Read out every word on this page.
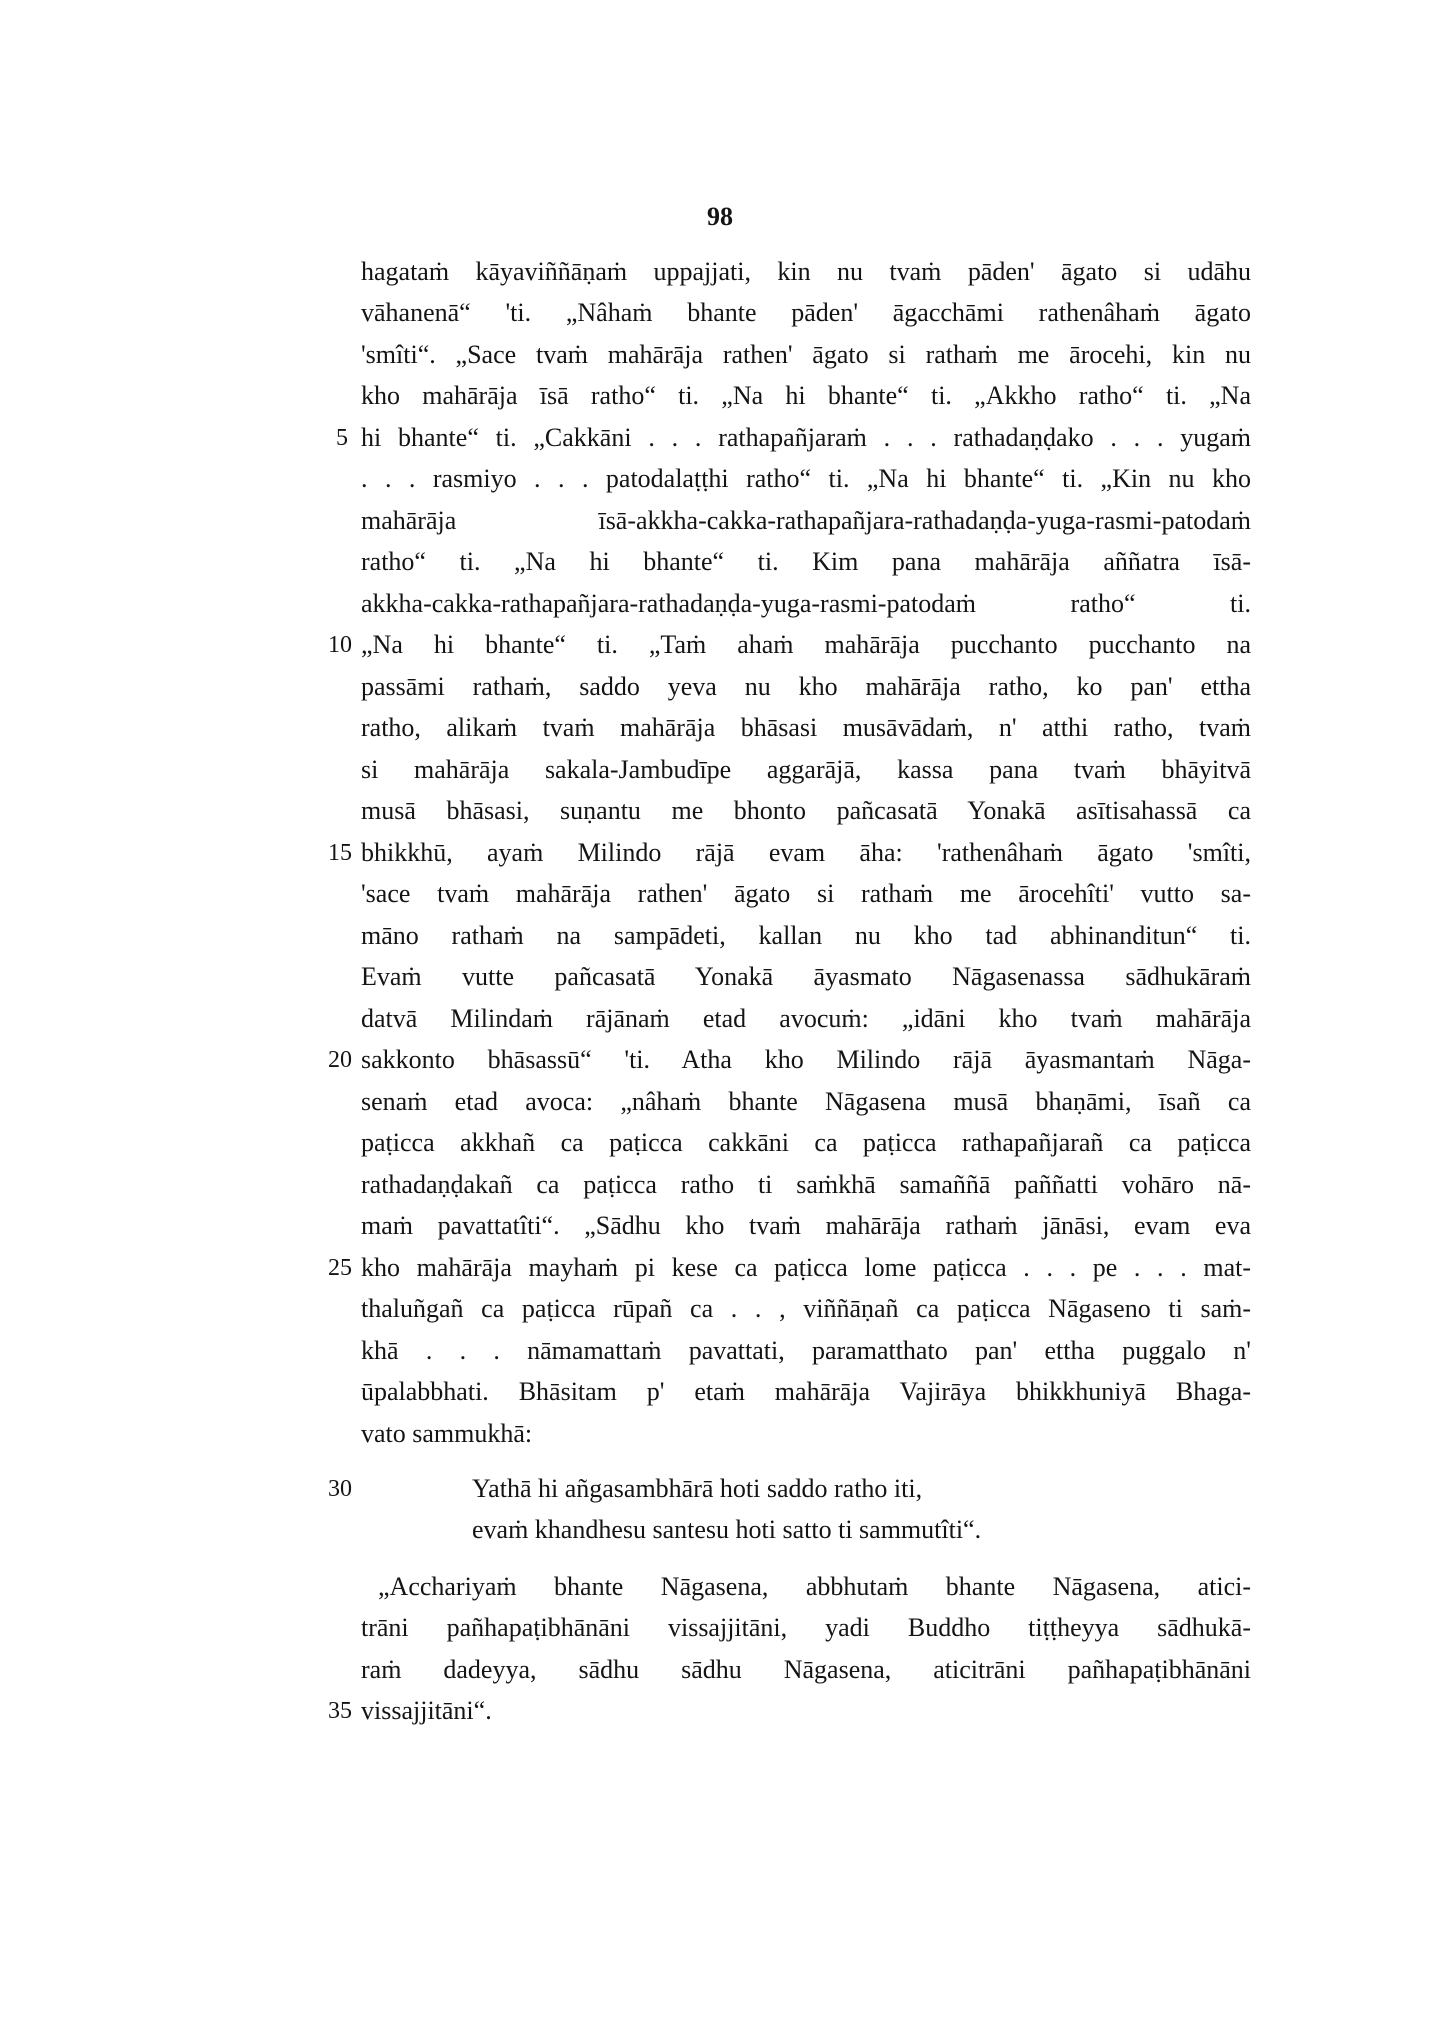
98
hagataṁ kāyaviññāṇaṁ uppajjati, kin nu tvaṁ pāden' āgato si udāhu
vāhanenā“ 'ti. „Nâhaṁ bhante pāden' āgacchāmi rathenâhaṁ āgato
'smîti“. „Sace tvaṁ mahārāja rathen' āgato si rathaṁ me ārocehi, kin nu
kho mahārāja īsā ratho“ ti. „Na hi bhante“ ti. „Akkho ratho“ ti. „Na
hi bhante“ ti. „Cakkāni . . . rathapañjaraṁ . . . rathadaṇḍako . . . yugaṁ
. . . rasmiyo . . . patodalaṭṭhi ratho“ ti. „Na hi bhante“ ti. „Kin nu kho
mahārāja īsā-akkha-cakka-rathapañjara-rathadaṇḍa-yuga-rasmi-patodaṁ
ratho“ ti. „Na hi bhante“ ti. Kim pana mahārāja aññatra īsā-
akkha-cakka-rathapañjara-rathadaṇḍa-yuga-rasmi-patodaṁ ratho“ ti.
„Na hi bhante“ ti. „Taṁ ahaṁ mahārāja pucchanto pucchanto na
passāmi rathaṁ, saddo yeva nu kho mahārāja ratho, ko pan' ettha
ratho, alikaṁ tvaṁ mahārāja bhāsasi musāvādaṁ, n' atthi ratho, tvaṁ
si mahārāja sakala-Jambudīpe aggarājā, kassa pana tvaṁ bhāyitvā
musā bhāsasi, suṇantu me bhonto pañcasatā Yonakā asītisahassā ca
bhikkhū, ayaṁ Milindo rājā evam āha: 'rathenâhaṁ āgato 'smîti,
'sace tvaṁ mahārāja rathen' āgato si rathaṁ me ārocehîti' vutto sa-
māno rathaṁ na sampādeti, kallan nu kho tad abhinanditun“ ti.
Evaṁ vutte pañcasatā Yonakā āyasmato Nāgasenassa sādhukāraṁ
datvā Milindaṁ rājānaṁ etad avocuṁ: „idāni kho tvaṁ mahārāja
sakkonto bhāsassū“ 'ti. Atha kho Milindo rājā āyasmantaṁ Nāga-
senaṁ etad avoca: „nâhaṁ bhante Nāgasena musā bhaṇāmi, īsañ ca
paṭicca akkhañ ca paṭicca cakkāni ca paṭicca rathapañjarañ ca paṭicca
rathadaṇḍakañ ca paṭicca ratho ti saṁkhā samaññā paññatti vohāro nā-
maṁ pavattatîti“. „Sādhu kho tvaṁ mahārāja rathaṁ jānāsi, evam eva
kho mahārāja mayhaṁ pi kese ca paṭicca lome paṭicca . . . pe . . . mat-
thaluñgañ ca paṭicca rūpañ ca . . , viññāṇañ ca paṭicca Nāgaseno ti saṁ-
khā . . . nāmamattaṁ pavattati, paramatthato pan' ettha puggalo n'
ūpalabbhati. Bhāsitam p' etaṁ mahārāja Vajirāya bhikkhuniyā Bhaga-
vato sammukhā:
Yathā hi añgasambhārā hoti saddo ratho iti,
evaṁ khandhesu santesu hoti satto ti sammutîti“.
„Acchariyaṁ bhante Nāgasena, abbhutaṁ bhante Nāgasena, atici-
trāni pañhapaṭibhānāni vissajjitāni, yadi Buddho tiṭṭheyya sādhukā-
raṁ dadeyya, sādhu sādhu Nāgasena, aticitrāni pañhapaṭibhānāni
vissajjitāni“.
5
10
15
20
25
30
35
